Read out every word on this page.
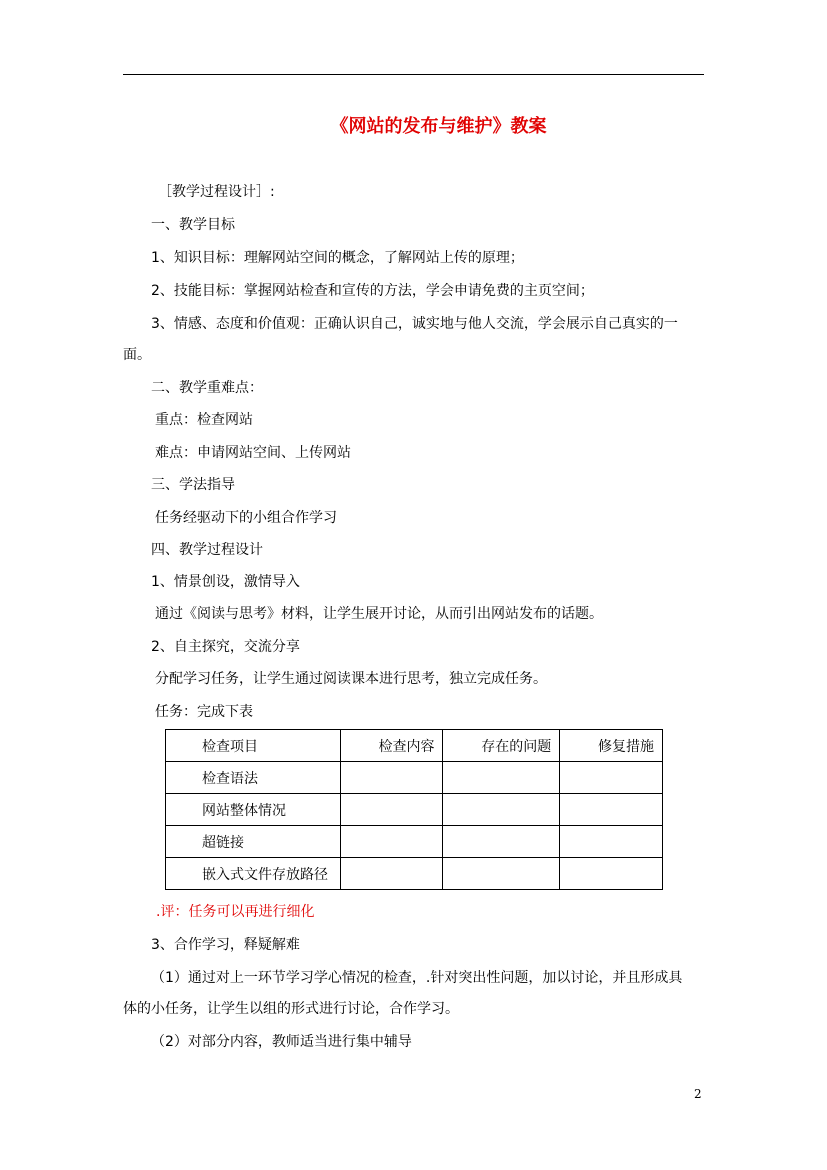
《网站的发布与维护》教案
［教学过程设计］:
一、教学目标
1、知识目标：理解网站空间的概念，了解网站上传的原理；
2、技能目标：掌握网站检查和宣传的方法，学会申请免费的主页空间；
3、情感、态度和价值观：正确认识自己，诚实地与他人交流，学会展示自己真实的一
面。
二、教学重难点：
重点：检查网站
难点：申请网站空间、上传网站
三、学法指导
任务经驱动下的小组合作学习
四、教学过程设计
1、情景创设，激情导入
通过《阅读与思考》材料，让学生展开讨论，从而引出网站发布的话题。
2、自主探究，交流分享
分配学习任务，让学生通过阅读课本进行思考，独立完成任务。
任务：完成下表
检查项目	检查内容	存在的问题	修复措施
检查语法			
网站整体情况			
超链接			
嵌入式文件存放路径			
.评：任务可以再进行细化
3、合作学习，释疑解难
（1）通过对上一环节学习学心情况的检查，.针对突出性问题，加以讨论，并且形成具
体的小任务，让学生以组的形式进行讨论，合作学习。
（2）对部分内容，教师适当进行集中辅导
2
